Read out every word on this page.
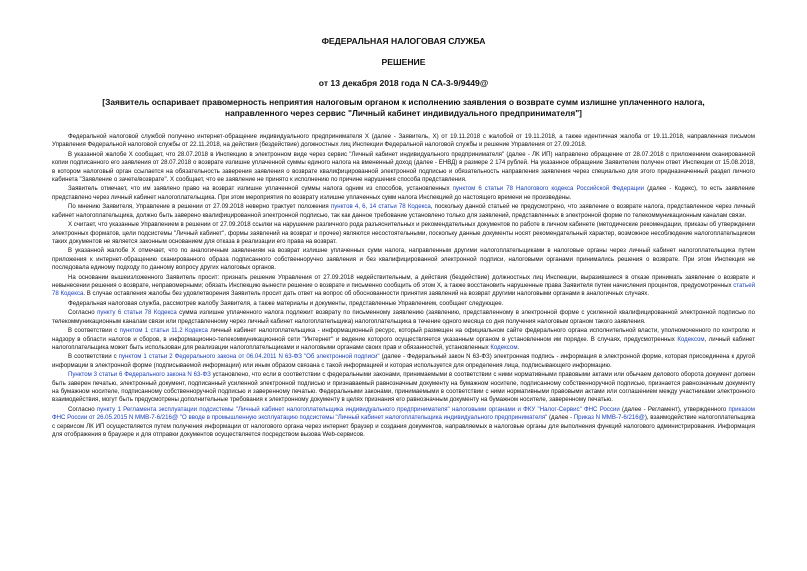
ФЕДЕРАЛЬНАЯ НАЛОГОВАЯ СЛУЖБА

РЕШЕНИЕ

от 13 декабря 2018 года N СА-3-9/9449@

[Заявитель оспаривает правомерность неприятия налоговым органом к исполнению заявления о возврате сумм излишне уплаченного налога, направленного через сервис "Личный кабинет индивидуального предпринимателя"]

Федеральной налоговой службой получено интернет-обращение индивидуального предпринимателя Х (далее - Заявитель, Х) от 19.11.2018 с жалобой от 19.11.2018, а также идентичная жалоба от 19.11.2018, направленная письмом Управления Федеральной налоговой службы от 22.11.2018, на действия (бездействие) должностных лиц Инспекции Федеральной налоговой службы и решение Управления от 27.09.2018.

В указанной жалобе Х сообщает, что 28.07.2018 в Инспекцию в электронном виде через сервис "Личный кабинет индивидуального предпринимателя" (далее - ЛК ИП) направлено обращение от 28.07.2018 с приложением сканированной копии подписанного его заявления от 28.07.2018 о возврате излишне уплаченной суммы единого налога на вмененный доход (далее - ЕНВД) в размере 2 174 рублей. На указанное обращение Заявителем получен ответ Инспекции от 15.08.2018, в котором налоговый орган ссылается на обязательность заверения заявления о возврате квалифицированной электронной подписью и обязательность направления заявления через специально для этого предназначенный раздел личного кабинета "Заявление о зачете/возврате". Х сообщает, что ее заявление не принято к исполнению по причине нарушения способа представления.

Заявитель отмечает, что им заявлено право на возврат излишне уплаченной суммы налога одним из способов, установленных пунктом 6 статьи 78 Налогового кодекса Российской Федерации (далее - Кодекс), то есть заявление представлено через личный кабинет налогоплательщика. При этом мероприятия по возврату излишне уплаченных сумм налога Инспекцией до настоящего времени не произведены.

По мнению Заявителя, Управление в решении от 27.09.2018 неверно трактует положения пунктов 4, 6, 14 статьи 78 Кодекса, поскольку данной статьей не предусмотрено, что заявление о возврате налога, представленное через личный кабинет налогоплательщика, должно быть заверено квалифицированной электронной подписью, так как данное требование установлено только для заявлений, представленных в электронной форме по телекоммуникационным каналам связи.

Х считает, что указанные Управлением в решении от 27.09.2018 ссылки на нарушение различного рода разъяснительных и рекомендательных документов по работе в личном кабинете (методические рекомендации, приказы об утверждении электронных форматов, цели подсистемы "Личный кабинет", формы заявлений на возврат и прочее) являются несостоятельными, поскольку данные документы носят рекомендательный характер, возможное несоблюдение налогоплательщиком таких документов не является законным основанием для отказа в реализации его права на возврат.

В указанной жалобе Х отмечает, что по аналогичным заявлениям на возврат излишне уплаченных сумм налога, направленным другими налогоплательщиками в налоговые органы через личный кабинет налогоплательщика путем приложения к интернет-обращению сканированного образа подписанного собственноручно заявления и без квалифицированной электронной подписи, налоговыми органами принимались решения о возврате. При этом Инспекция не последовала единому подходу по данному вопросу других налоговых органов.

На основании вышеизложенного Заявитель просит: признать решение Управления от 27.09.2018 недействительным, а действия (бездействие) должностных лиц Инспекции, выразившиеся в отказе принимать заявление о возврате и невынесении решения о возврате, неправомерными; обязать Инспекцию вынести решение о возврате и письменно сообщить об этом Х, а также восстановить нарушенные права Заявителя путем начисления процентов, предусмотренных статьей 78 Кодекса. В случае оставления жалобы без удовлетворения Заявитель просит дать ответ на вопрос об обоснованности принятия заявлений на возврат другими налоговыми органами в аналогичных случаях.

Федеральная налоговая служба, рассмотрев жалобу Заявителя, а также материалы и документы, представленные Управлением, сообщает следующее.

Согласно пункту 6 статьи 78 Кодекса сумма излишне уплаченного налога подлежит возврату по письменному заявлению (заявлению, представленному в электронной форме с усиленной квалифицированной электронной подписью по телекоммуникационным каналам связи или представленному через личный кабинет налогоплательщика) налогоплательщика в течение одного месяца со дня получения налоговым органом такого заявления.

В соответствии с пунктом 1 статьи 11.2 Кодекса личный кабинет налогоплательщика - информационный ресурс, который размещен на официальном сайте федерального органа исполнительной власти, уполномоченного по контролю и надзору в области налогов и сборов, в информационно-телекоммуникационной сети "Интернет" и ведение которого осуществляется указанным органом в установленном им порядке. В случаях, предусмотренных Кодексом, личный кабинет налогоплательщика может быть использован для реализации налогоплательщиками и налоговыми органами своих прав и обязанностей, установленных Кодексом.

В соответствии с пунктом 1 статьи 2 Федерального закона от 06.04.2011 N 63-ФЗ "Об электронной подписи" (далее - Федеральный закон N 63-ФЗ) электронная подпись - информация в электронной форме, которая присоединена к другой информации в электронной форме (подписываемой информации) или иным образом связана с такой информацией и которая используется для определения лица, подписывающего информацию.

Пунктом 3 статьи 6 Федерального закона N 63-ФЗ установлено, что если в соответствии с федеральными законами, принимаемыми в соответствии с ними нормативными правовыми актами или обычаем делового оборота документ должен быть заверен печатью, электронный документ, подписанный усиленной электронной подписью и признаваемый равнозначным документу на бумажном носителе, подписанному собственноручной подписью, признается равнозначным документу на бумажном носителе, подписанному собственноручной подписью и заверенному печатью. Федеральными законами, принимаемыми в соответствии с ними нормативными правовыми актами или соглашением между участниками электронного взаимодействия, могут быть предусмотрены дополнительные требования к электронному документу в целях признания его равнозначным документу на бумажном носителе, заверенному печатью.

Согласно пункту 1 Регламента эксплуатации подсистемы "Личный кабинет налогоплательщика индивидуального предпринимателя" налоговыми органами и ФКУ "Налог-Сервис" ФНС России (далее - Регламент), утвержденного приказом ФНС России от 26.05.2015 N ММВ-7-6/216@ "О вводе в промышленную эксплуатацию подсистемы "Личный кабинет налогоплательщика индивидуального предпринимателя" (далее - Приказ N ММВ-7-6/216@), взаимодействие налогоплательщика с сервисом ЛК ИП осуществляется путем получения информации от налогового органа через интернет браузер и создания документов, направляемых в налоговые органы для выполнения функций налогового администрирования. Информация для отображения в браузере и для отправки документов осуществляется посредством вызова Web-сервисов.
